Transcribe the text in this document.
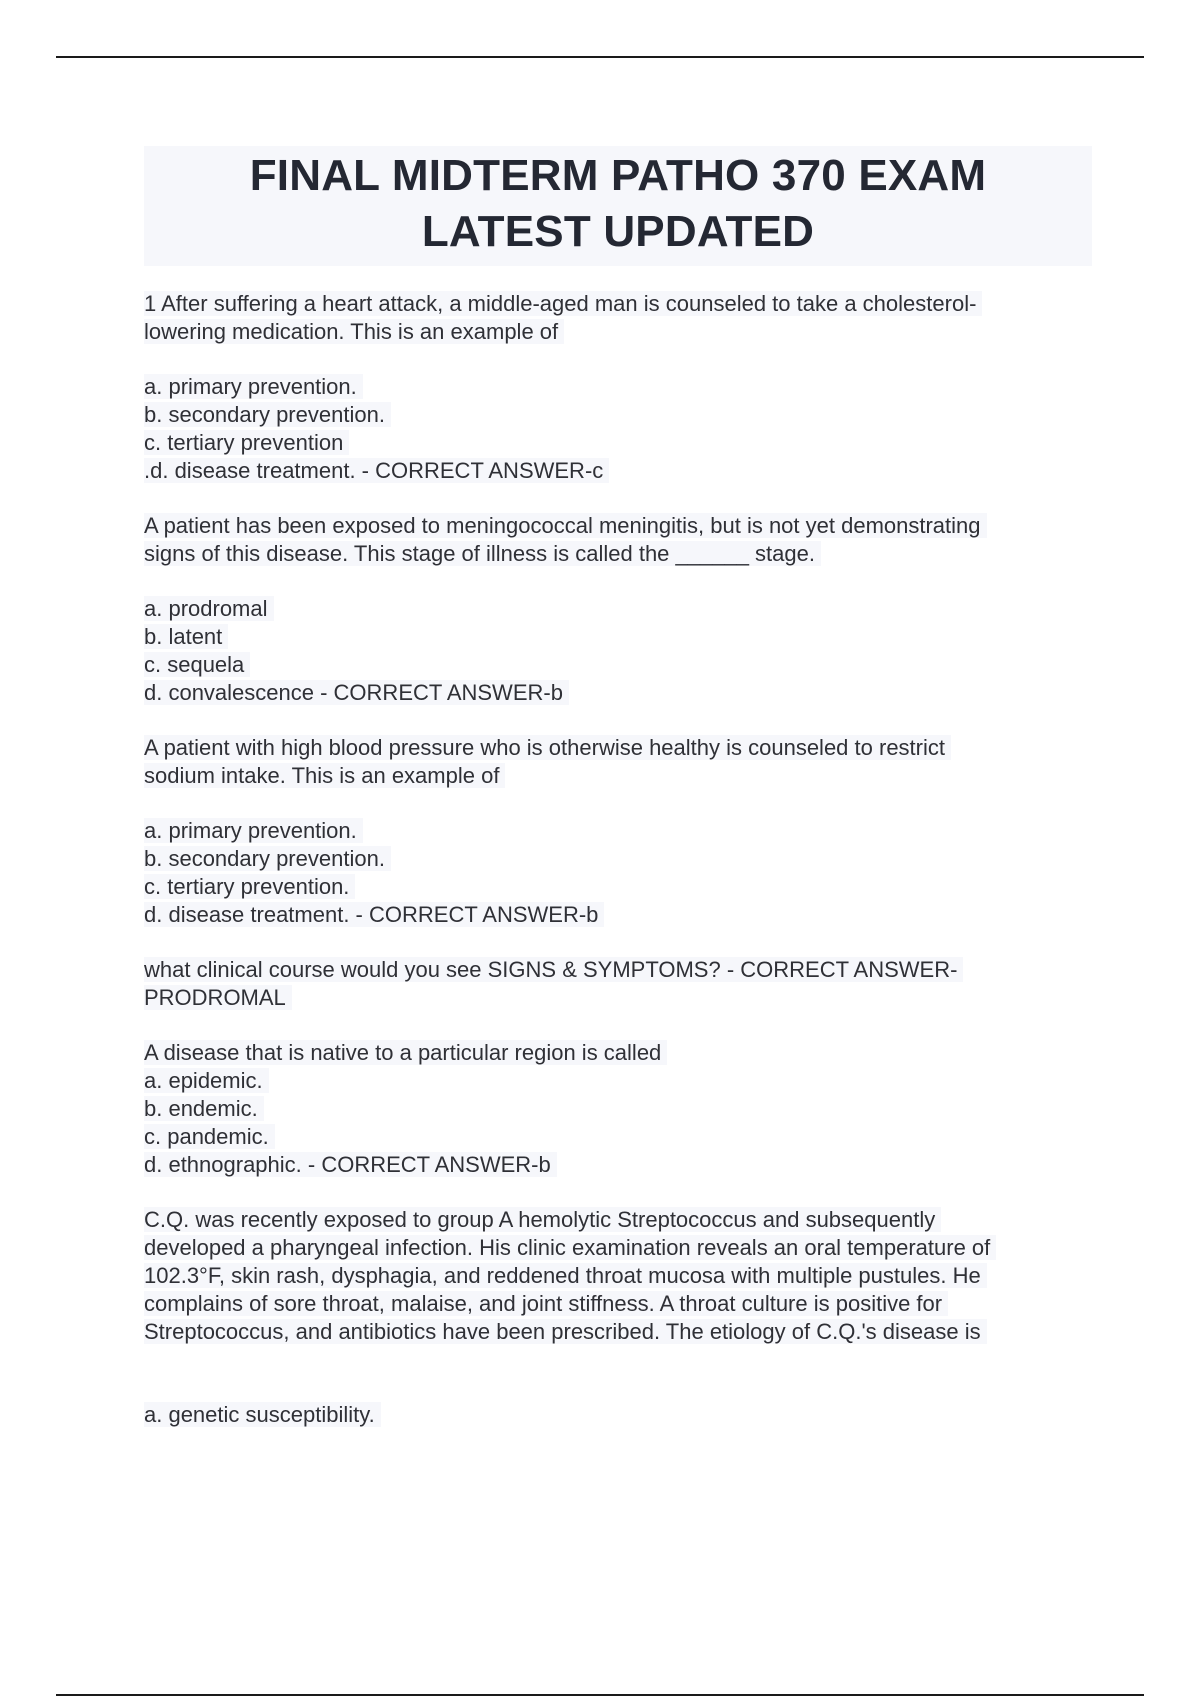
FINAL MIDTERM PATHO 370 EXAM
LATEST UPDATED
1 After suffering a heart attack, a middle-aged man is counseled to take a cholesterol-
lowering medication. This is an example of
a. primary prevention.
b. secondary prevention.
c. tertiary prevention
.d. disease treatment. - CORRECT ANSWER-c
A patient has been exposed to meningococcal meningitis, but is not yet demonstrating
signs of this disease. This stage of illness is called the ______ stage.
a. prodromal
b. latent
c. sequela
d. convalescence - CORRECT ANSWER-b
A patient with high blood pressure who is otherwise healthy is counseled to restrict
sodium intake. This is an example of
a. primary prevention.
b. secondary prevention.
c. tertiary prevention.
d. disease treatment. - CORRECT ANSWER-b
what clinical course would you see SIGNS & SYMPTOMS? - CORRECT ANSWER-
PRODROMAL
A disease that is native to a particular region is called
a. epidemic.
b. endemic.
c. pandemic.
d. ethnographic. - CORRECT ANSWER-b
C.Q. was recently exposed to group A hemolytic Streptococcus and subsequently
developed a pharyngeal infection. His clinic examination reveals an oral temperature of
102.3°F, skin rash, dysphagia, and reddened throat mucosa with multiple pustules. He
complains of sore throat, malaise, and joint stiffness. A throat culture is positive for
Streptococcus, and antibiotics have been prescribed. The etiology of C.Q.'s disease is
a. genetic susceptibility.
